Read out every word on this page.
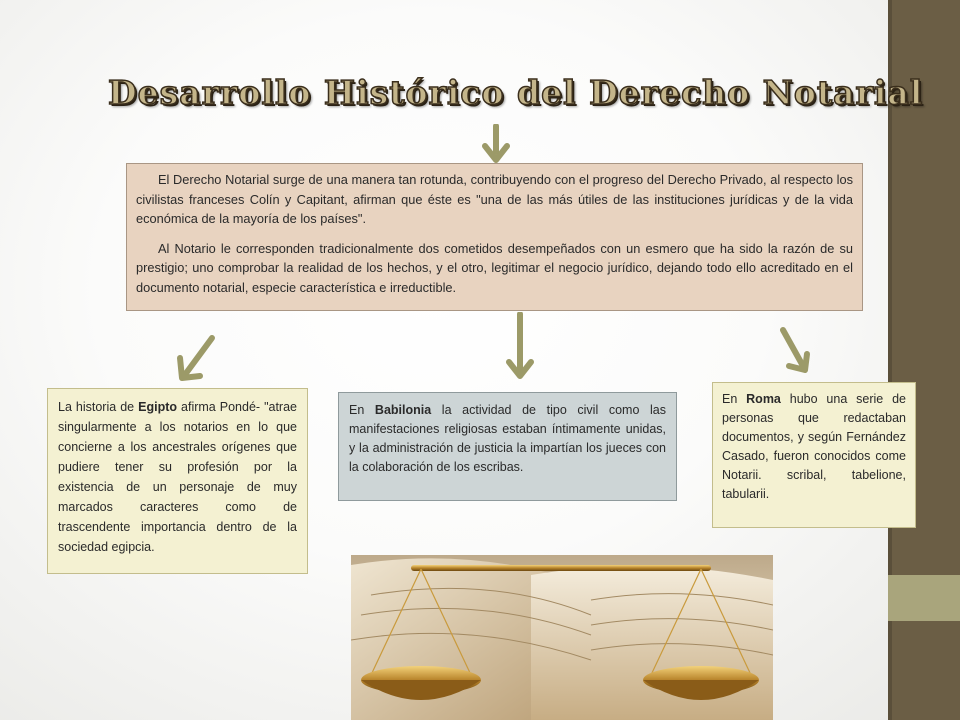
Desarrollo Histórico del Derecho Notarial

El Derecho Notarial surge de una manera tan rotunda, contribuyendo con el progreso del Derecho Privado, al respecto los civilistas franceses Colín y Capitant, afirman que éste es "una de las más útiles de las instituciones jurídicas y de la vida económica de la mayoría de los países".

Al Notario le corresponden tradicionalmente dos cometidos desempeñados con un esmero que ha sido la razón de su prestigio; uno comprobar la realidad de los hechos, y el otro, legitimar el negocio jurídico, dejando todo ello acreditado en el documento notarial, especie característica e irreductible.

La historia de Egipto afirma Pondé- "atrae singularmente a los notarios en lo que concierne a los ancestrales orígenes que pudiere tener su profesión por la existencia de un personaje de muy marcados caracteres como de trascendente importancia dentro de la sociedad egipcia.

En Babilonia la actividad de tipo civil como las manifestaciones religiosas estaban íntimamente unidas, y la administración de justicia la impartían los jueces con la colaboración de los escribas.

En Roma hubo una serie de personas que redactaban documentos, y según Fernández Casado, fueron conocidos come Notarii. scribal, tabelione, tabularii.
